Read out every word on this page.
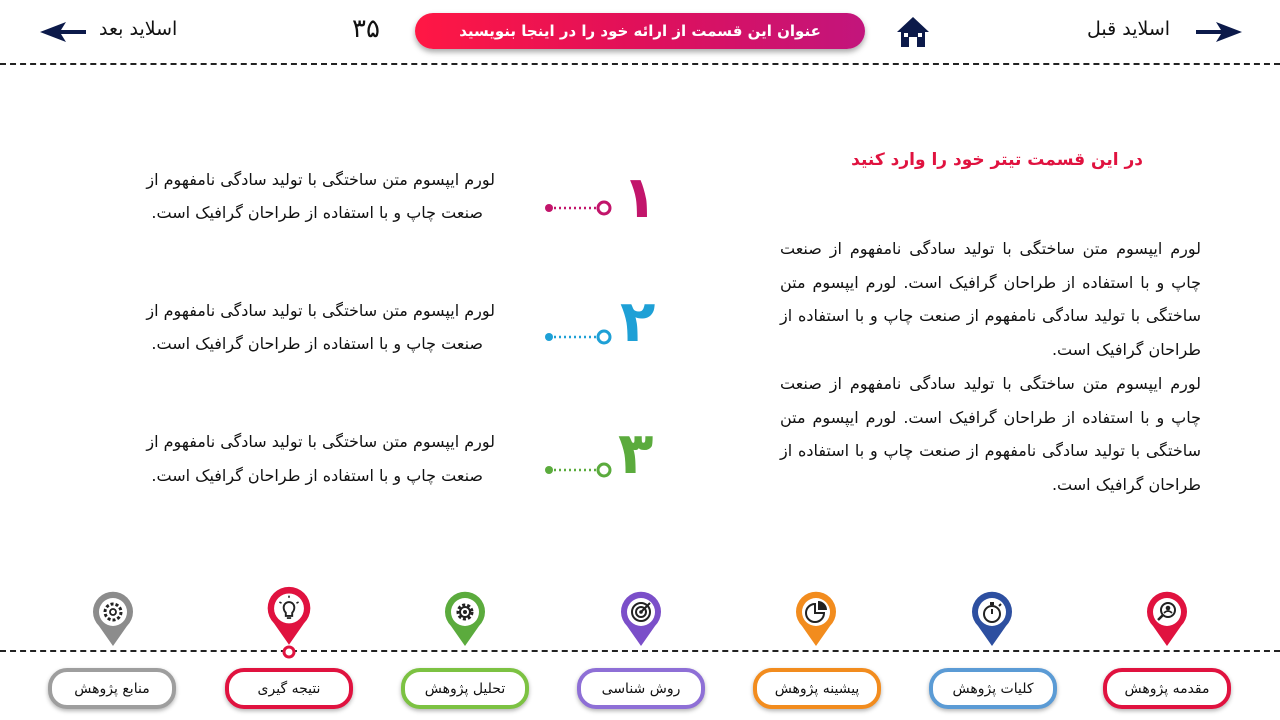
اسلاید قبل
عنوان این قسمت از ارائه خود را در اینجا بنویسید
۳۵
اسلاید بعد
در این قسمت تیتر خود را وارد کنید
لورم ایپسوم متن ساختگی با تولید سادگی نامفهوم از صنعت چاپ و با استفاده از طراحان گرافیک است. لورم ایپسوم متن ساختگی با تولید سادگی نامفهوم از صنعت چاپ و با استفاده از طراحان گرافیک است.
لورم ایپسوم متن ساختگی با تولید سادگی نامفهوم از صنعت چاپ و با استفاده از طراحان گرافیک است. لورم ایپسوم متن ساختگی با تولید سادگی نامفهوم از صنعت چاپ و با استفاده از طراحان گرافیک است.
۱
لورم ایپسوم متن ساختگی با تولید سادگی نامفهوم از
صنعت چاپ و با استفاده از طراحان گرافیک است.
۲
لورم ایپسوم متن ساختگی با تولید سادگی نامفهوم از
صنعت چاپ و با استفاده از طراحان گرافیک است.
۳
لورم ایپسوم متن ساختگی با تولید سادگی نامفهوم از
صنعت چاپ و با استفاده از طراحان گرافیک است.
مقدمه پژوهش
کلیات پژوهش
پیشینه پژوهش
روش شناسی
تحلیل پژوهش
نتیجه گیری
منابع پژوهش
